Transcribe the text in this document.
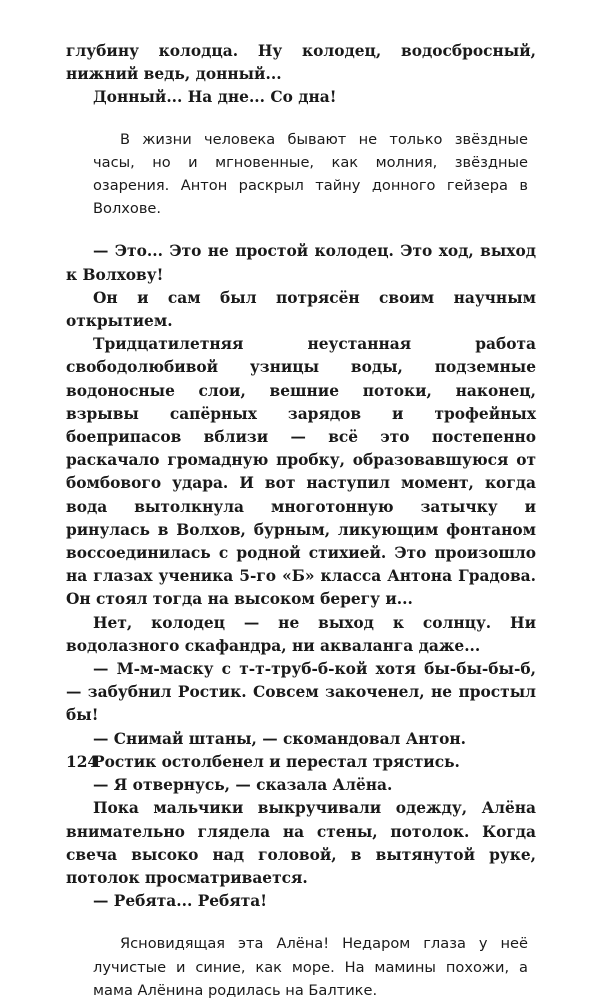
глубину колодца. Ну колодец, водосбросный, нижний ведь, донный...

Донный... На дне... Со дна!

В жизни человека бывают не только звёздные часы, но и мгновенные, как молния, звёздные озарения. Антон раскрыл тайну донного гейзера в Волхове.

— Это... Это не простой колодец. Это ход, выход к Волхову!

Он и сам был потрясён своим научным открытием.

Тридцатилетняя неустанная работа свободолюбивой узницы воды, подземные водоносные слои, вешние потоки, наконец, взрывы сапёрных зарядов и трофейных боеприпасов вблизи — всё это постепенно раскачало громадную пробку, образовавшуюся от бомбового удара. И вот наступил момент, когда вода вытолкнула многотонную затычку и ринулась в Волхов, бурным, ликующим фонтаном воссоединилась с родной стихией. Это произошло на глазах ученика 5-го «Б» класса Антона Градова. Он стоял тогда на высоком берегу и...

Нет, колодец — не выход к солнцу. Ни водолазного скафандра, ни акваланга даже...

— М-м-маску с т-т-труб-б-кой хотя бы-бы-бы-б, — забубнил Ростик. Совсем закоченел, не простыл бы!

— Снимай штаны, — скомандовал Антон.

Ростик остолбенел и перестал трястись.

— Я отвернусь, — сказала Алёна.

Пока мальчики выкручивали одежду, Алёна внимательно глядела на стены, потолок. Когда свеча высоко над головой, в вытянутой руке, потолок просматривается.

— Ребята... Ребята!

Ясновидящая эта Алёна! Недаром глаза у неё лучистые и синие, как море. На мамины похожи, а мама Алёнина родилась на Балтике.

124
